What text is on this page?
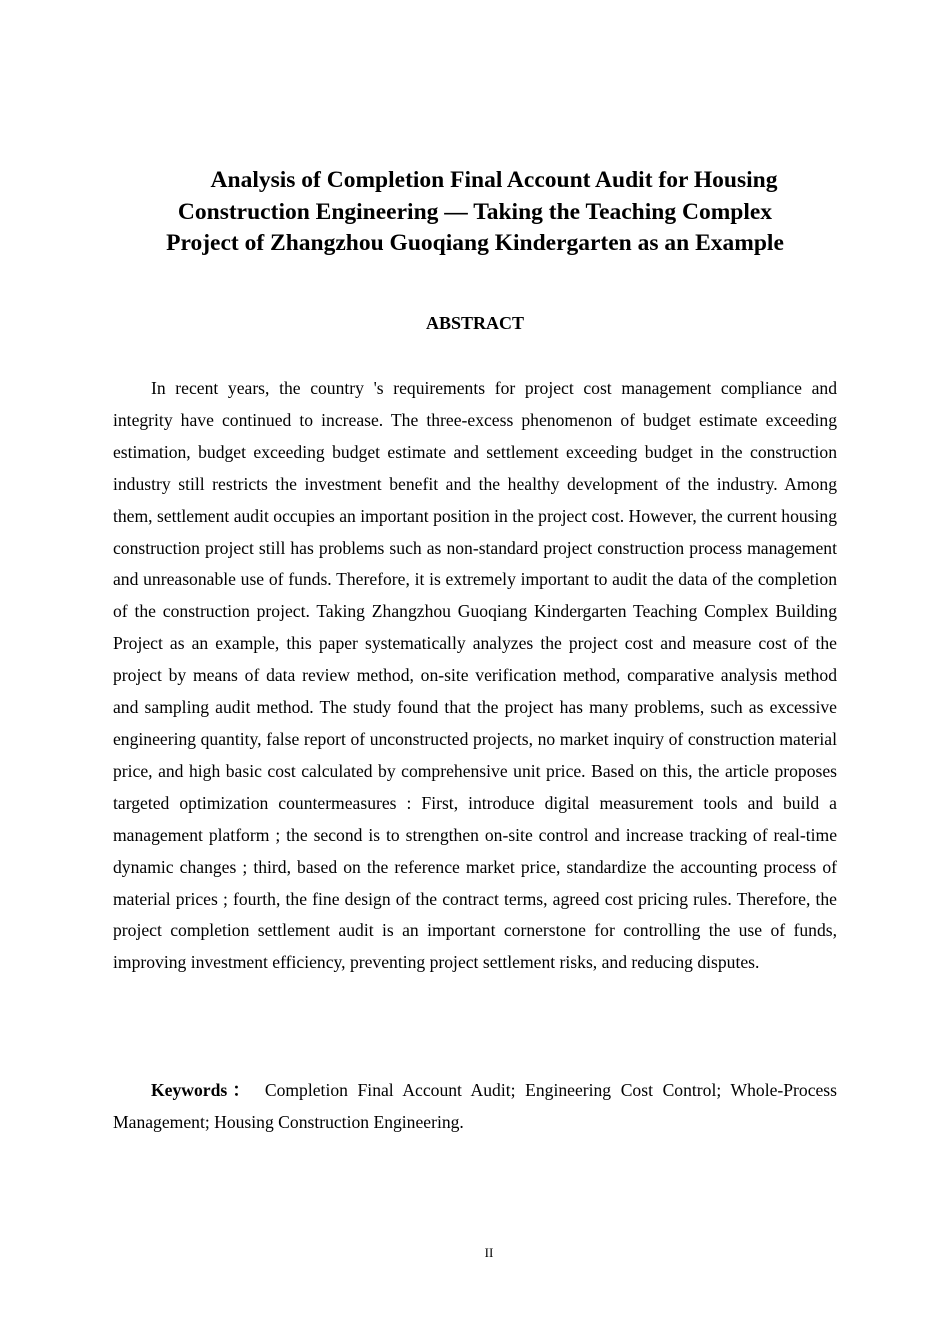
Analysis of Completion Final Account Audit for Housing
Construction Engineering — Taking the Teaching Complex
Project of Zhangzhou Guoqiang Kindergarten as an Example
ABSTRACT

In recent years, the country 's requirements for project cost management compliance and integrity have continued to increase. The three-excess phenomenon of budget estimate exceeding estimation, budget exceeding budget estimate and settlement exceeding budget in the construction industry still restricts the investment benefit and the healthy development of the industry. Among them, settlement audit occupies an important position in the project cost. However, the current housing construction project still has problems such as non-standard project construction process management and unreasonable use of funds. Therefore, it is extremely important to audit the data of the completion of the construction project. Taking Zhangzhou Guoqiang Kindergarten Teaching Complex Building Project as an example, this paper systematically analyzes the project cost and measure cost of the project by means of data review method, on-site verification method, comparative analysis method and sampling audit method. The study found that the project has many problems, such as excessive engineering quantity, false report of unconstructed projects, no market inquiry of construction material price, and high basic cost calculated by comprehensive unit price. Based on this, the article proposes targeted optimization countermeasures : First, introduce digital measurement tools and build a management platform ; the second is to strengthen on-site control and increase tracking of real-time dynamic changes ; third, based on the reference market price, standardize the accounting process of material prices ; fourth, the fine design of the contract terms, agreed cost pricing rules. Therefore, the project completion settlement audit is an important cornerstone for controlling the use of funds, improving investment efficiency, preventing project settlement risks, and reducing disputes.

Keywords： Completion Final Account Audit; Engineering Cost Control; Whole-Process Management; Housing Construction Engineering.

II
